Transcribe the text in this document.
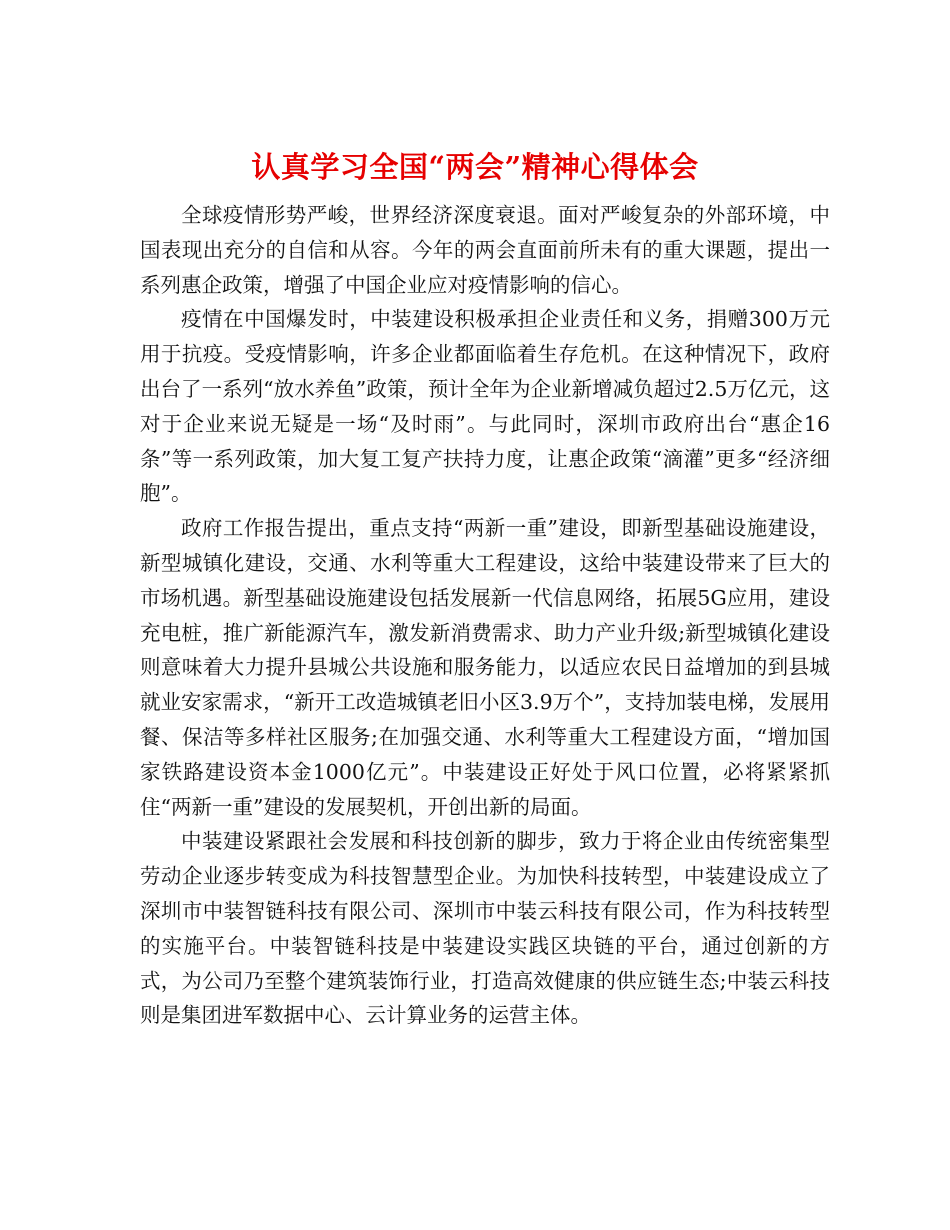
认真学习全国“两会”精神心得体会

全球疫情形势严峻，世界经济深度衰退。面对严峻复杂的外部环境，中国表现出充分的自信和从容。今年的两会直面前所未有的重大课题，提出一系列惠企政策，增强了中国企业应对疫情影响的信心。

疫情在中国爆发时，中装建设积极承担企业责任和义务，捐赠300万元用于抗疫。受疫情影响，许多企业都面临着生存危机。在这种情况下，政府出台了一系列“放水养鱼”政策，预计全年为企业新增减负超过2.5万亿元，这对于企业来说无疑是一场“及时雨”。与此同时，深圳市政府出台“惠企16条”等一系列政策，加大复工复产扶持力度，让惠企政策“滴灌”更多“经济细胞”。

政府工作报告提出，重点支持“两新一重”建设，即新型基础设施建设，新型城镇化建设，交通、水利等重大工程建设，这给中装建设带来了巨大的市场机遇。新型基础设施建设包括发展新一代信息网络，拓展5G应用，建设充电桩，推广新能源汽车，激发新消费需求、助力产业升级;新型城镇化建设则意味着大力提升县城公共设施和服务能力，以适应农民日益增加的到县城就业安家需求，“新开工改造城镇老旧小区3.9万个”，支持加装电梯，发展用餐、保洁等多样社区服务;在加强交通、水利等重大工程建设方面，“增加国家铁路建设资本金1000亿元”。中装建设正好处于风口位置，必将紧紧抓住“两新一重”建设的发展契机，开创出新的局面。

中装建设紧跟社会发展和科技创新的脚步，致力于将企业由传统密集型劳动企业逐步转变成为科技智慧型企业。为加快科技转型，中装建设成立了深圳市中装智链科技有限公司、深圳市中装云科技有限公司，作为科技转型的实施平台。中装智链科技是中装建设实践区块链的平台，通过创新的方式，为公司乃至整个建筑装饰行业，打造高效健康的供应链生态;中装云科技则是集团进军数据中心、云计算业务的运营主体。
